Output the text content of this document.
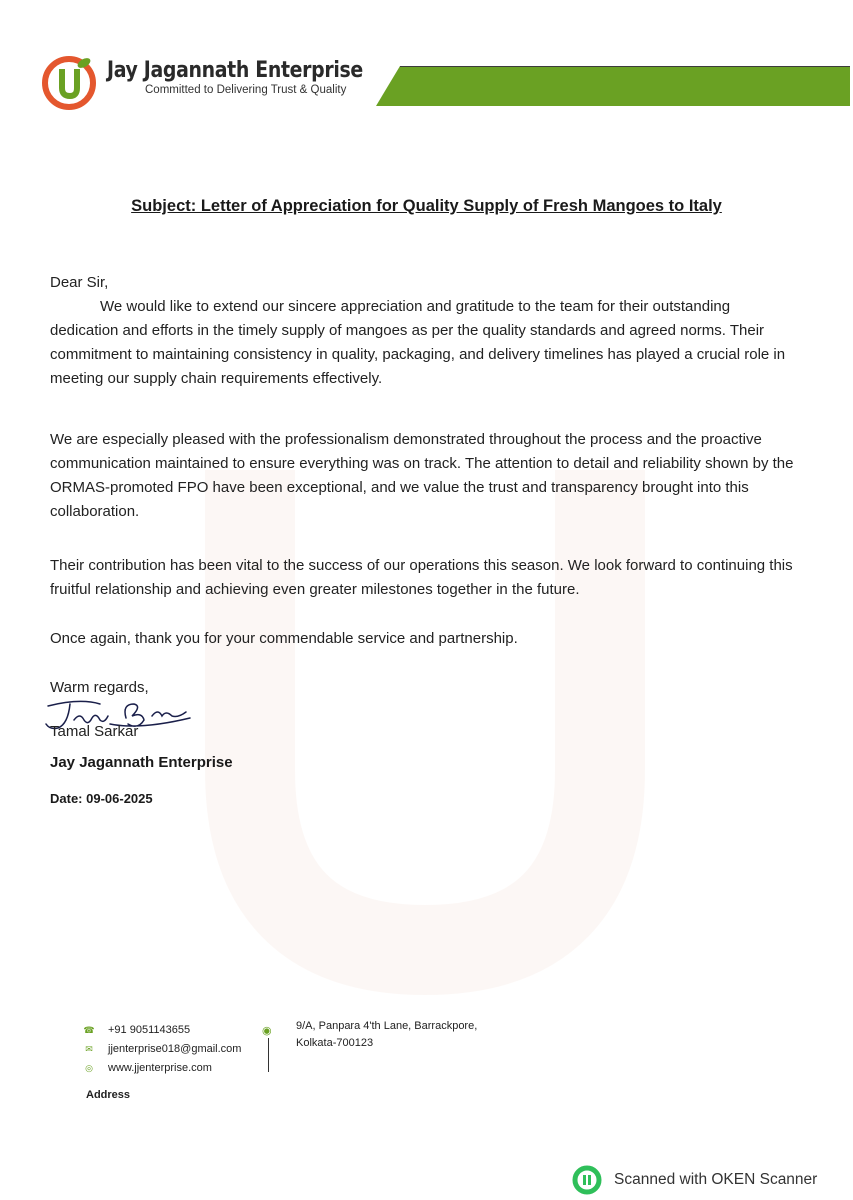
Jay Jagannath Enterprise
Committed to Delivering Trust & Quality
Subject: Letter of Appreciation for Quality Supply of Fresh Mangoes to Italy
Dear Sir,
We would like to extend our sincere appreciation and gratitude to the team for their outstanding dedication and efforts in the timely supply of mangoes as per the quality standards and agreed norms. Their commitment to maintaining consistency in quality, packaging, and delivery timelines has played a crucial role in meeting our supply chain requirements effectively.
We are especially pleased with the professionalism demonstrated throughout the process and the proactive communication maintained to ensure everything was on track. The attention to detail and reliability shown by the ORMAS-promoted FPO have been exceptional, and we value the trust and transparency brought into this collaboration.
Their contribution has been vital to the success of our operations this season. We look forward to continuing this fruitful relationship and achieving even greater milestones together in the future.
Once again, thank you for your commendable service and partnership.
Warm regards,
Tamal Sarkar
Jay Jagannath Enterprise
Date: 09-06-2025
☎ +91 9051143655
✉ jjenterprise018@gmail.com
◎ www.jjenterprise.com
◉ 9/A, Panpara 4'th Lane, Barrackpore,
Kolkata-700123
Address
Scanned with OKEN Scanner
